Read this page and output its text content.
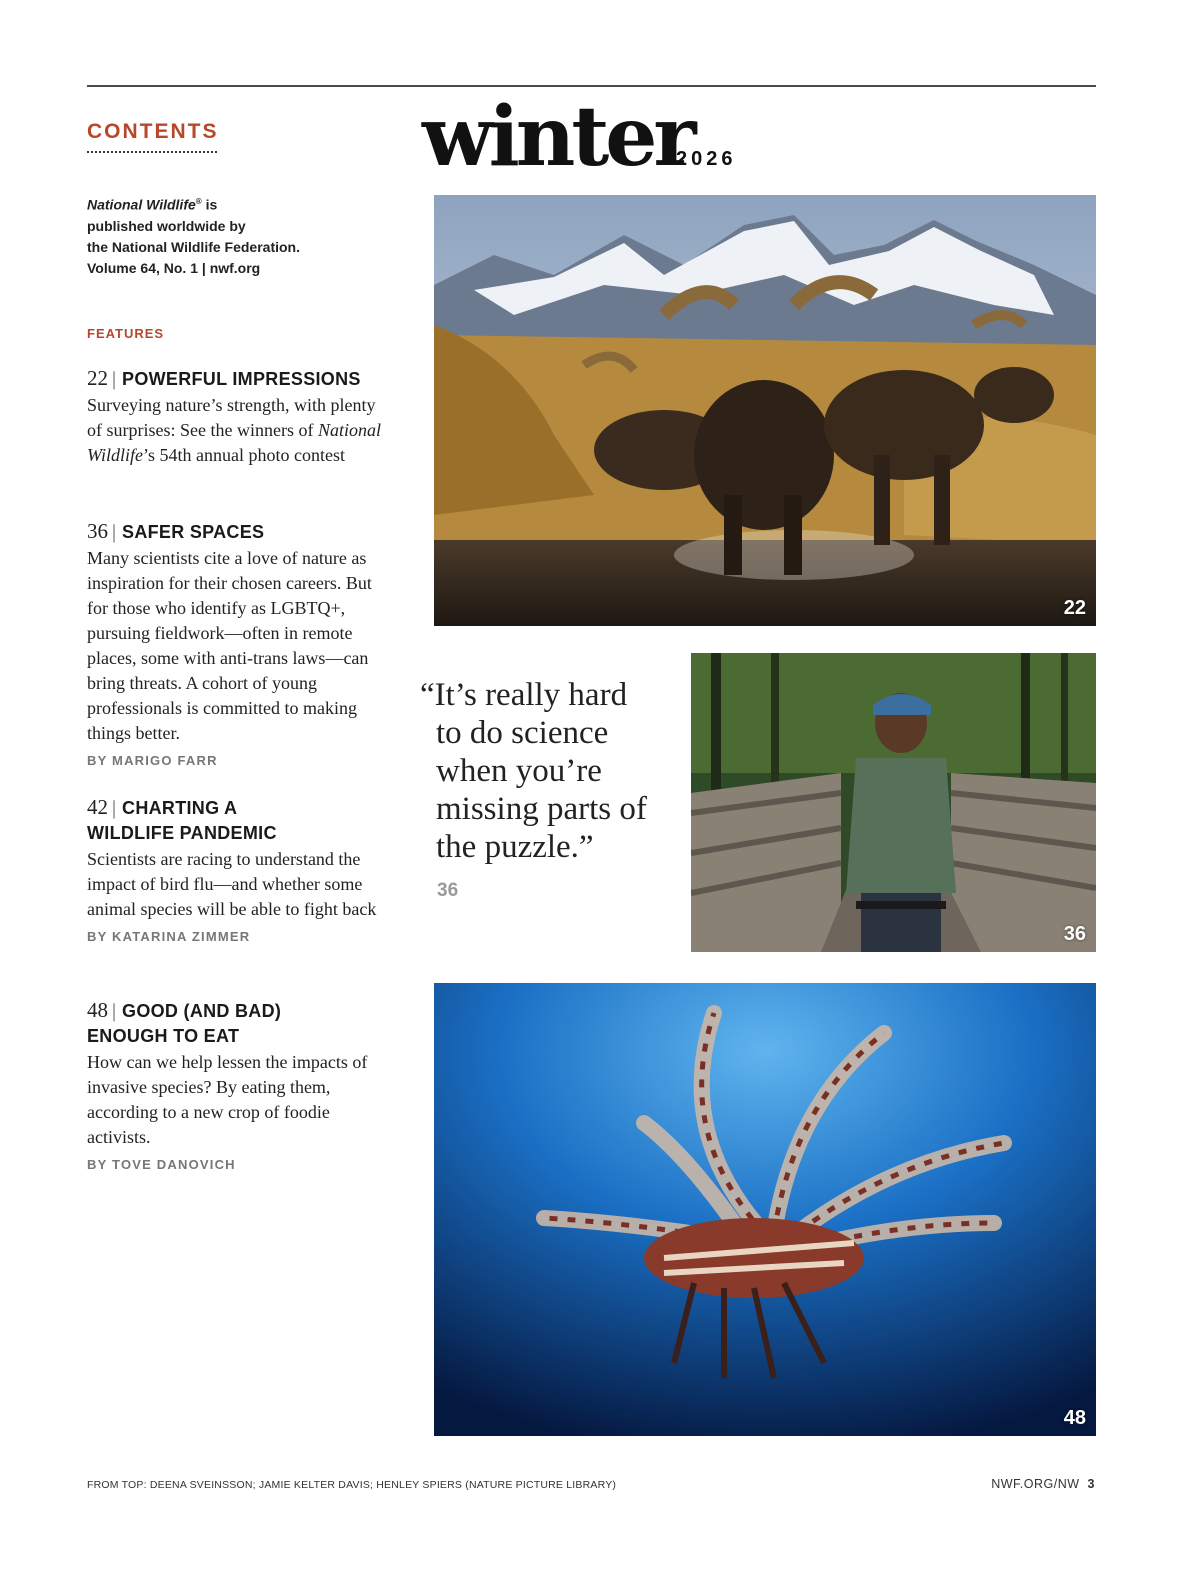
CONTENTS
National Wildlife® is
published worldwide by
the National Wildlife Federation.
Volume 64, No. 1 | nwf.org
FEATURES
22 | POWERFUL IMPRESSIONS
Surveying nature’s strength, with plenty of surprises: See the winners of National Wildlife’s 54th annual photo contest
36 | SAFER SPACES
Many scientists cite a love of nature as inspiration for their chosen careers. But for those who identify as LGBTQ+, pursuing fieldwork—often in remote places, some with anti-trans laws—can bring threats. A cohort of young professionals is committed to making things better.
BY MARIGO FARR
42 | CHARTING A WILDLIFE PANDEMIC
Scientists are racing to understand the impact of bird flu—and whether some animal species will be able to fight back
BY KATARINA ZIMMER
48 | GOOD (AND BAD) ENOUGH TO EAT
How can we help lessen the impacts of invasive species? By eating them, according to a new crop of foodie activists.
BY TOVE DANOVICH
winter
2026
22
“It’s really hard
to do science
when you’re
missing parts of
the puzzle.”
36
36
48
FROM TOP: DEENA SVEINSSON; JAMIE KELTER DAVIS; HENLEY SPIERS (NATURE PICTURE LIBRARY)	NWF.ORG/NW 3
